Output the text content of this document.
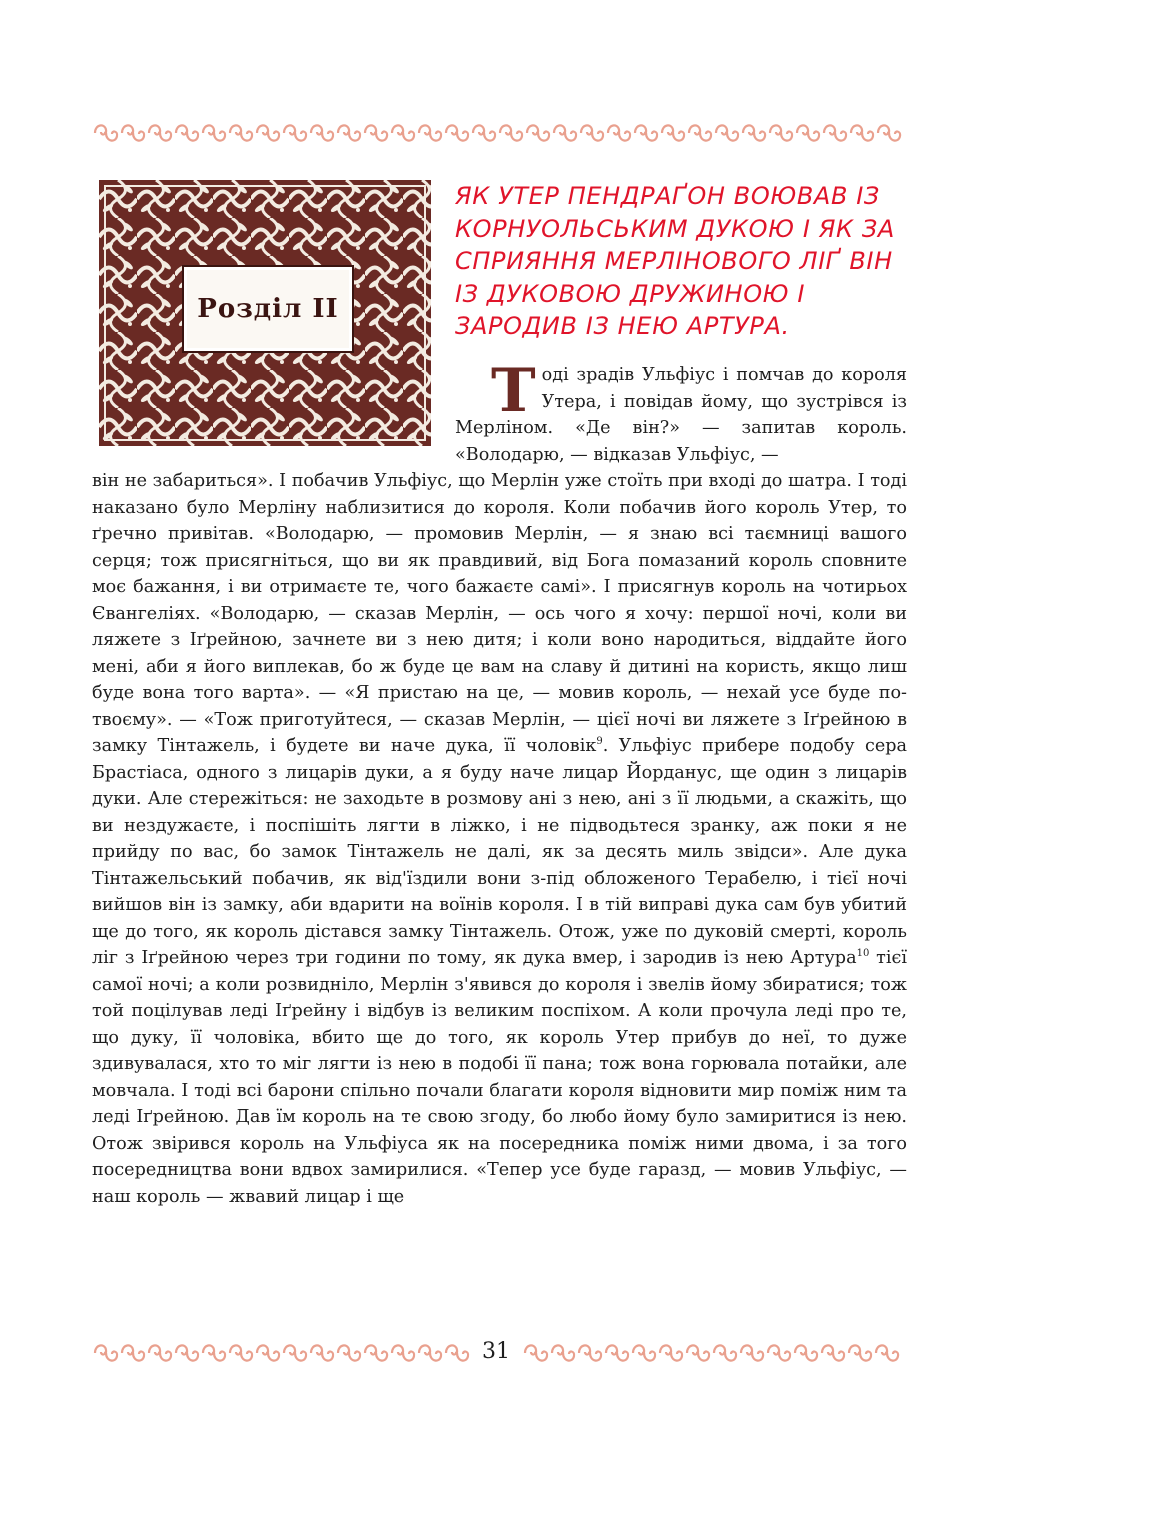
Розділ ІІ
ЯК УТЕР ПЕНДРАҐОН ВОЮВАВ ІЗ КОРНУОЛЬСЬКИМ ДУКОЮ І ЯК ЗА СПРИЯННЯ МЕРЛІНОВОГО ЛІҐ ВІН ІЗ ДУКОВОЮ ДРУЖИНОЮ І ЗАРОДИВ ІЗ НЕЮ АРТУРА.
Тоді зрадів Ульфіус і помчав до короля Утера, і повідав йому, що зустрівся із Мерліном. «Де він?» — запитав король. «Володарю, — відказав Ульфіус, —
він не забариться». І побачив Ульфіус, що Мерлін уже стоїть при вході до шатра. І тоді наказано було Мерліну наблизитися до короля. Коли побачив його король Утер, то ґречно привітав. «Володарю, — промовив Мерлін, — я знаю всі таємниці вашого серця; тож присягніться, що ви як правдивий, від Бога помазаний король сповните моє бажання, і ви отримаєте те, чого бажаєте самі». І присягнув король на чотирьох Євангеліях. «Володарю, — сказав Мерлін, — ось чого я хочу: першої ночі, коли ви ляжете з Іґрейною, зачнете ви з нею дитя; і коли воно народиться, віддайте його мені, аби я його виплекав, бо ж буде це вам на славу й дитині на користь, якщо лиш буде вона того варта». — «Я пристаю на це, — мовив король, — нехай усе буде по-твоєму». — «Тож приготуйтеся, — сказав Мерлін, — цієї ночі ви ляжете з Іґрейною в замку Тінтажель, і будете ви наче дука, її чоловік$^9$. Ульфіус прибере подобу сера Брастіаса, одного з лицарів дуки, а я буду наче лицар Йорданус, ще один з лицарів дуки. Але стережіться: не заходьте в розмову ані з нею, ані з її людьми, а скажіть, що ви нездужаєте, і поспішіть лягти в ліжко, і не підводьтеся зранку, аж поки я не прийду по вас, бо замок Тінтажель не далі, як за десять миль звідси». Але дука Тінтажельський побачив, як від'їздили вони з-під обложеного Терабелю, і тієї ночі вийшов він із замку, аби вдарити на воїнів короля. І в тій виправі дука сам був убитий ще до того, як король дістався замку Тінтажель. Отож, уже по дуковій смерті, король ліг з Іґрейною через три години по тому, як дука вмер, і зародив із нею Артура$^{10}$ тієї самої ночі; а коли розвиднілo, Мерлін з'явився до короля і звелів йому збиратися; тож той поцілував леді Іґрейну і відбув із великим поспіхом. А коли прочула леді про те, що дуку, її чоловіка, вбито ще до того, як король Утер прибув до неї, то дуже здивувалася, хто то міг лягти із нею в подобі її пана; тож вона горювала потайки, але мовчала. І тоді всі барони спільно почали благати короля відновити мир поміж ним та леді Іґрейною. Дав їм король на те свою згоду, бо любо йому було замиритися із нею. Отож звірився король на Ульфіуса як на посередника поміж ними двома, і за того посередництва вони вдвох замирилися. «Тепер усе буде гаразд, — мовив Ульфіус, — наш король — жвавий лицар і ще
31
